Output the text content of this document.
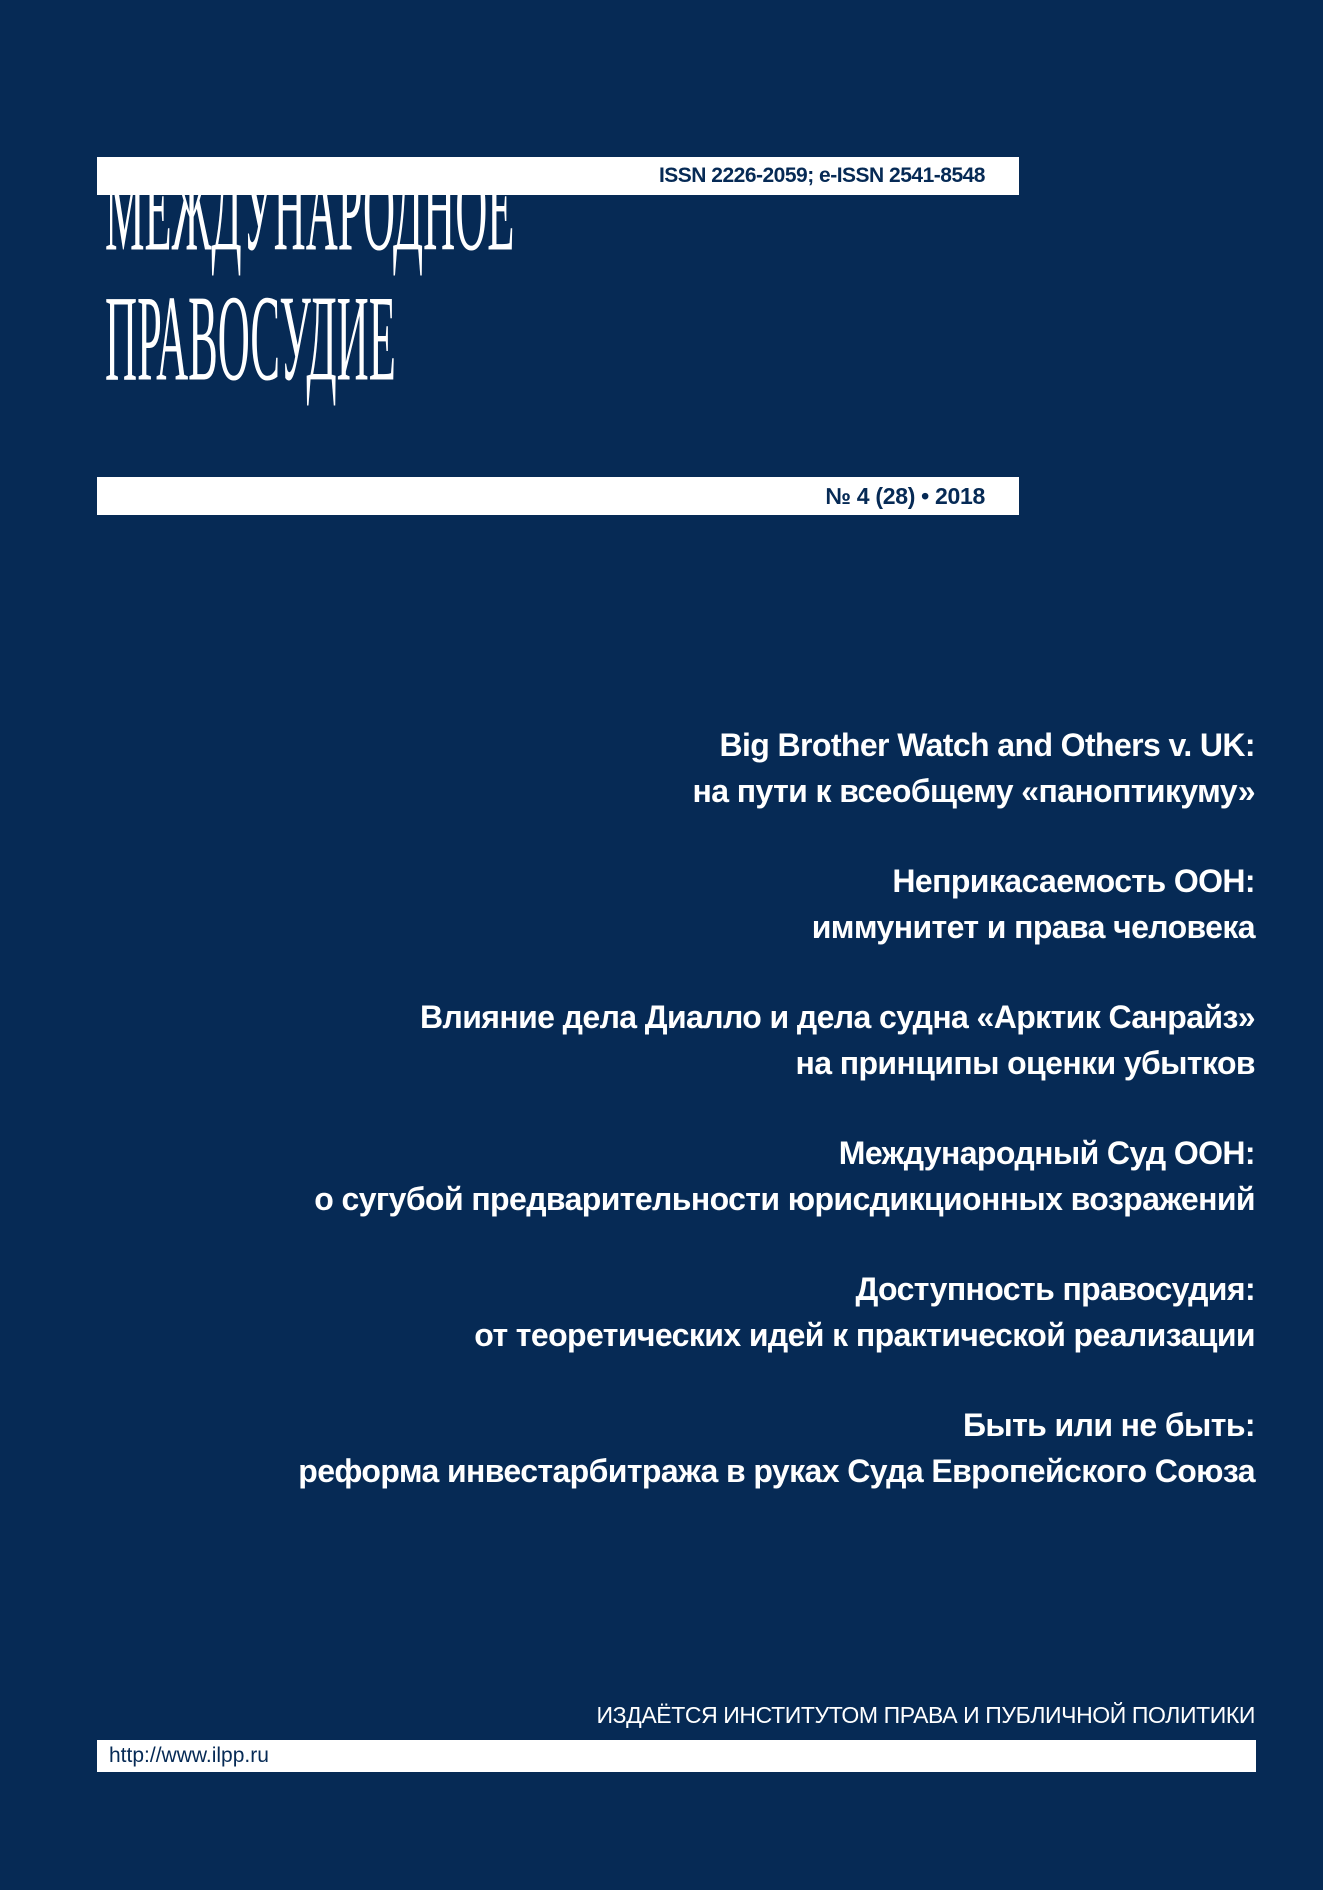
ISSN 2226-2059; e-ISSN 2541-8548
МЕЖДУНАРОДНОЕ
ПРАВОСУДИЕ
№ 4 (28) • 2018
Big Brother Watch and Others v. UK:
на пути к всеобщему «паноптикуму»
Неприкасаемость ООН:
иммунитет и права человека
Влияние дела Диалло и дела судна «Арктик Санрайз»
на принципы оценки убытков
Международный Суд ООН:
о сугубой предварительности юрисдикционных возражений
Доступность правосудия:
от теоретических идей к практической реализации
Быть или не быть:
реформа инвестарбитража в руках Суда Европейского Союза
ИЗДАЁТСЯ ИНСТИТУТОМ ПРАВА И ПУБЛИЧНОЙ ПОЛИТИКИ
http://www.ilpp.ru
